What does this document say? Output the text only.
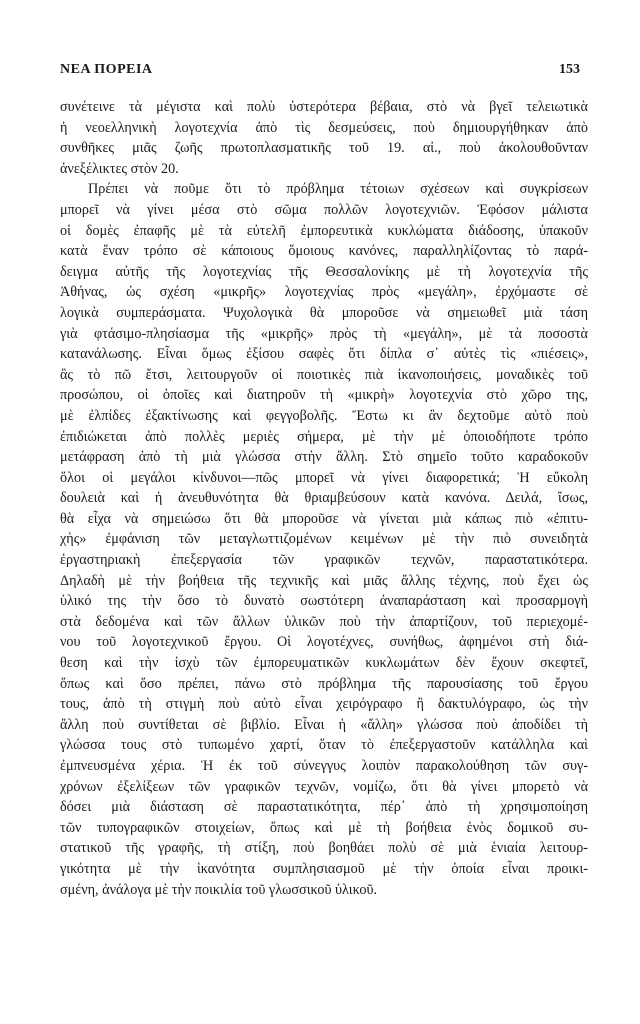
ΝΕΑ ΠΟΡΕΙΑ	153
συνέτεινε τὰ μέγιστα καὶ πολὺ ὑστερότερα βέβαια, στὸ νὰ βγεῖ τελειωτικὰ
ἡ νεοελληνικὴ λογοτεχνία ἀπὸ τὶς δεσμεύσεις, ποὺ δημιουργήθηκαν ἀπὸ
συνθῆκες μιᾶς ζωῆς πρωτοπλασματικῆς τοῦ 19. αἰ., ποὺ ἀκολουθοῦνταν
ἀνεξέλικτες στὸν 20.
Πρέπει νὰ ποῦμε ὅτι τὸ πρόβλημα τέτοιων σχέσεων καὶ συγκρίσεων
μπορεῖ νὰ γίνει μέσα στὸ σῶμα πολλῶν λογοτεχνιῶν. Ἐφόσον μάλιστα
οἱ δομὲς ἐπαφῆς μὲ τὰ εὐτελῆ ἐμπορευτικὰ κυκλώματα διάδοσης, ὑπακοῦν
κατὰ ἕναν τρόπο σὲ κάποιους ὅμοιους κανόνες, παραλληλίζοντας τὸ παρά-
δειγμα αὐτῆς τῆς λογοτεχνίας τῆς Θεσσαλονίκης μὲ τὴ λογοτεχνία τῆς
Ἀθήνας, ὡς σχέση «μικρῆς» λογοτεχνίας πρὸς «μεγάλη», ἐρχόμαστε σὲ
λογικὰ συμπεράσματα. Ψυχολογικὰ θὰ μποροῦσε νὰ σημειωθεῖ μιὰ τάση
γιὰ φτάσιμο-πλησίασμα τῆς «μικρῆς» πρὸς τὴ «μεγάλη», μὲ τὰ ποσοστὰ
κατανάλωσης. Εἶναι ὅμως ἐξίσου σαφὲς ὅτι δίπλα σ᾿ αὐτὲς τὶς «πιέσεις»,
ἂς τὸ πῶ ἔτσι, λειτουργοῦν οἱ ποιοτικὲς πιὰ ἱκανοποιήσεις, μοναδικὲς τοῦ
προσώπου, οἱ ὁποῖες καὶ διατηροῦν τὴ «μικρὴ» λογοτεχνία στὸ χῶρο της,
μὲ ἐλπίδες ἐξακτίνωσης καὶ φεγγοβολῆς. Ἔστω κι ἂν δεχτοῦμε αὐτὸ ποὺ
ἐπιδιώκεται ἀπὸ πολλὲς μεριὲς σήμερα, μὲ τὴν μὲ ὁποιοδήποτε τρόπο
μετάφραση ἀπὸ τὴ μιὰ γλώσσα στὴν ἄλλη. Στὸ σημεῖο τοῦτο καραδοκοῦν
ὅλοι οἱ μεγάλοι κίνδυνοι—πῶς μπορεῖ νὰ γίνει διαφορετικά; Ἡ εὔκολη
δουλειὰ καὶ ἡ ἀνευθυνότητα θὰ θριαμβεύσουν κατὰ κανόνα. Δειλά, ἴσως,
θὰ εἶχα νὰ σημειώσω ὅτι θὰ μποροῦσε νὰ γίνεται μιὰ κάπως πιὸ «ἐπιτυ-
χὴς» ἐμφάνιση τῶν μεταγλωττιζομένων κειμένων μὲ τὴν πιὸ συνειδητὰ
ἐργαστηριακὴ ἐπεξεργασία τῶν γραφικῶν τεχνῶν, παραστατικότερα.
Δηλαδὴ μὲ τὴν βοήθεια τῆς τεχνικῆς καὶ μιᾶς ἄλλης τέχνης, ποὺ ἔχει ὡς
ὑλικό της τὴν ὅσο τὸ δυνατὸ σωστότερη ἀναπαράσταση καὶ προσαρμογὴ
στὰ δεδομένα καὶ τῶν ἄλλων ὑλικῶν ποὺ τὴν ἀπαρτίζουν, τοῦ περιεχομέ-
νου τοῦ λογοτεχνικοῦ ἔργου. Οἱ λογοτέχνες, συνήθως, ἀφημένοι στὴ διά-
θεση καὶ τὴν ἰσχὺ τῶν ἐμπορευματικῶν κυκλωμάτων δὲν ἔχουν σκεφτεῖ,
ὅπως καὶ ὅσο πρέπει, πάνω στὸ πρόβλημα τῆς παρουσίασης τοῦ ἔργου
τους, ἀπὸ τὴ στιγμὴ ποὺ αὐτὸ εἶναι χειρόγραφο ἢ δακτυλόγραφο, ὡς τὴν
ἄλλη ποὺ συντίθεται σὲ βιβλίο. Εἶναι ἡ «ἄλλη» γλώσσα ποὺ ἀποδίδει τὴ
γλώσσα τους στὸ τυπωμένο χαρτί, ὅταν τὸ ἐπεξεργαστοῦν κατάλληλα καὶ
ἐμπνευσμένα χέρια. Ἡ ἐκ τοῦ σύνεγγυς λοιπὸν παρακολούθηση τῶν συγ-
χρόνων ἐξελίξεων τῶν γραφικῶν τεχνῶν, νομίζω, ὅτι θὰ γίνει μπορετὸ νὰ
δόσει μιὰ διάσταση σὲ παραστατικότητα, πέρ᾿ ἀπὸ τὴ χρησιμοποίηση
τῶν τυπογραφικῶν στοιχείων, ὅπως καὶ μὲ τὴ βοήθεια ἑνὸς δομικοῦ συ-
στατικοῦ τῆς γραφῆς, τὴ στίξη, ποὺ βοηθάει πολὺ σὲ μιὰ ἑνιαία λειτουρ-
γικότητα μὲ τὴν ἱκανότητα συμπλησιασμοῦ μὲ τὴν ὁποία εἶναι προικι-
σμένη, ἀνάλογα μὲ τὴν ποικιλία τοῦ γλωσσικοῦ ὑλικοῦ.
